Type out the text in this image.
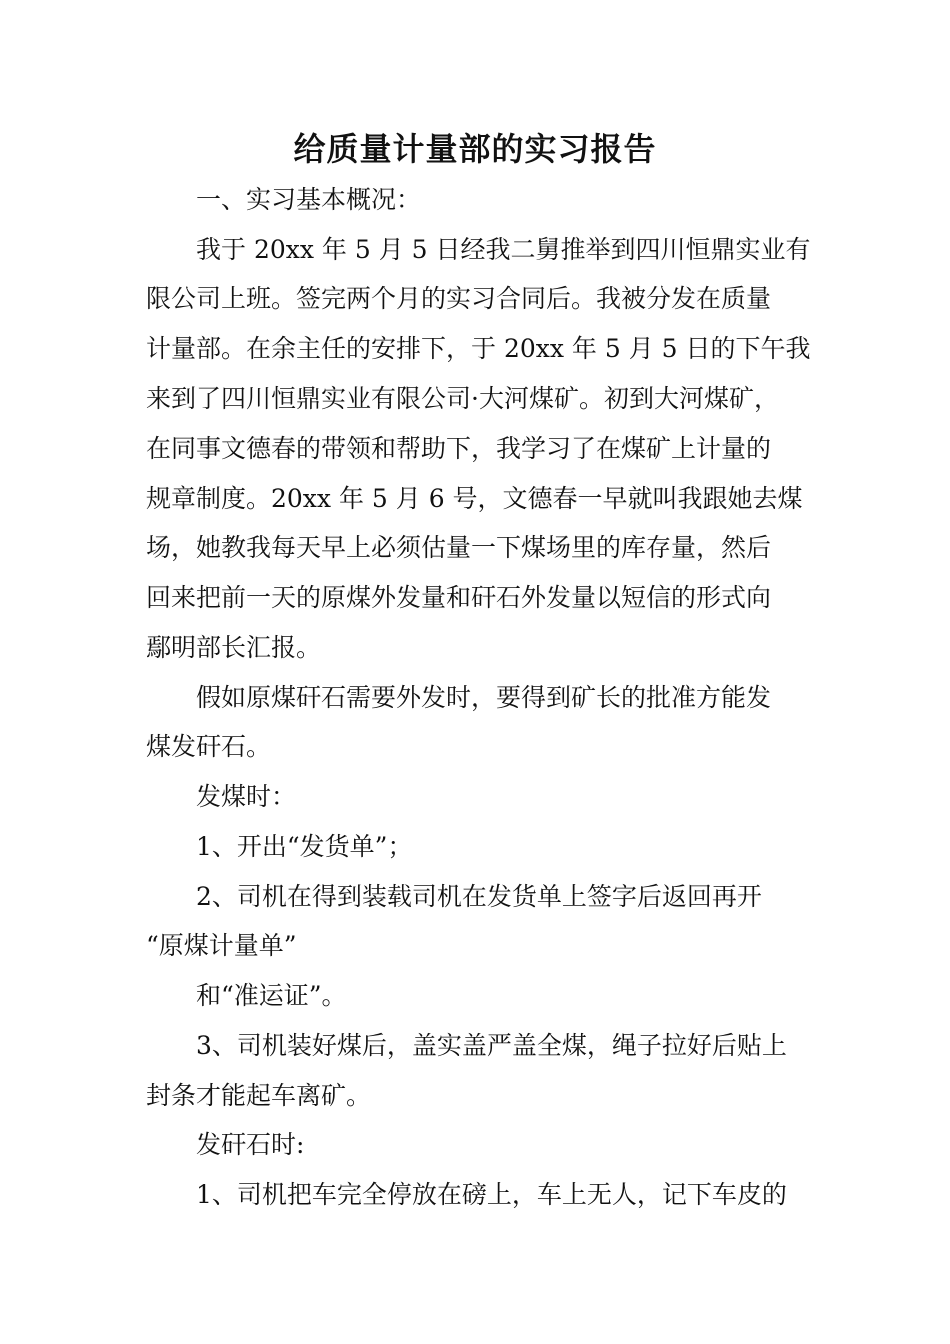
给质量计量部的实习报告

一、实习基本概况：

我于 20xx 年 5 月 5 日经我二舅推举到四川恒鼎实业有

限公司上班。签完两个月的实习合同后。我被分发在质量

计量部。在余主任的安排下，于 20xx 年 5 月 5 日的下午我

来到了四川恒鼎实业有限公司·大河煤矿。初到大河煤矿，

在同事文德春的带领和帮助下，我学习了在煤矿上计量的

规章制度。20xx 年 5 月 6 号，文德春一早就叫我跟她去煤

场，她教我每天早上必须估量一下煤场里的库存量，然后

回来把前一天的原煤外发量和矸石外发量以短信的形式向

鄢明部长汇报。

假如原煤矸石需要外发时，要得到矿长的批准方能发

煤发矸石。

发煤时：

1、开出“发货单”；

2、司机在得到装载司机在发货单上签字后返回再开

“原煤计量单”

和“准运证”。

3、司机装好煤后，盖实盖严盖全煤，绳子拉好后贴上

封条才能起车离矿。

发矸石时:

1、司机把车完全停放在磅上，车上无人，记下车皮的
